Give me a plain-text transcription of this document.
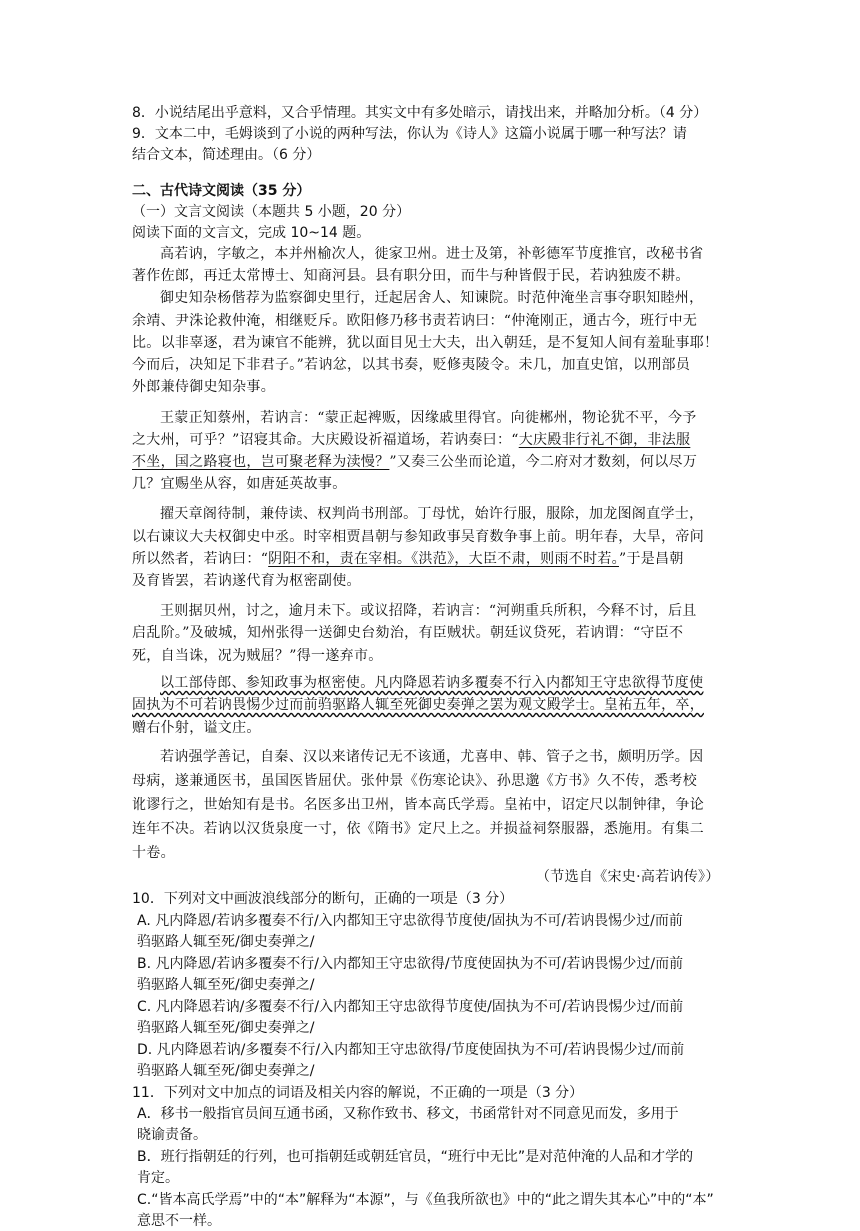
8．小说结尾出乎意料，又合乎情理。其实文中有多处暗示，请找出来，并略加分析。（4 分）
9．文本二中，毛姆谈到了小说的两种写法，你认为《诗人》这篇小说属于哪一种写法？请
结合文本，简述理由。（6 分）
二、古代诗文阅读（35 分）
（一）文言文阅读（本题共 5 小题，20 分）
阅读下面的文言文，完成 10~14 题。
高若讷，字敏之，本并州榆次人，徙家卫州。进士及第，补彰德军节度推官，改秘书省
著作佐郎，再迁太常博士、知商河县。县有职分田，而牛与种皆假于民，若讷独废不耕。
御史知杂杨偕荐为监察御史里行，迁起居舍人、知谏院。时范仲淹坐言事夺职知睦州，
余靖、尹洙论救仲淹，相继贬斥。欧阳修乃移书责若讷曰：“仲淹刚正，通古今，班行中无
比。以非辜逐，君为谏官不能辨，犹以面目见士大夫，出入朝廷，是不复知人间有羞耻事耶！
今而后，决知足下非君子。”若讷忿，以其书奏，贬修夷陵令。未几，加直史馆，以刑部员
外郎兼侍御史知杂事。
王蒙正知蔡州，若讷言：“蒙正起裨贩，因缘戚里得官。向徙郴州，物论犹不平，今予
之大州，可乎？”诏寝其命。大庆殿设祈福道场，若讷奏曰：“大庆殿非行礼不御，非法服
不坐，国之路寝也，岂可聚老释为渎慢？”又奏三公坐而论道，今二府对才数刻，何以尽万
几？宜赐坐从容，如唐延英故事。
擢天章阁待制，兼侍读、权判尚书刑部。丁母忧，始许行服，服除，加龙图阁直学士，
以右谏议大夫权御史中丞。时宰相贾昌朝与参知政事吴育数争事上前。明年春，大旱，帝问
所以然者，若讷曰：“阴阳不和，责在宰相。《洪范》，大臣不肃，则雨不时若。”于是昌朝
及育皆罢，若讷遂代育为枢密副使。
王则据贝州，讨之，逾月未下。或议招降，若讷言：“河朔重兵所积，今释不讨，后且
启乱阶。”及破城，知州张得一送御史台劾治，有臣贼状。朝廷议贷死，若讷谓：“守臣不
死，自当诛，况为贼屈？”得一遂弃市。
以工部侍郎、参知政事为枢密使。凡内降恩若讷多覆奏不行入内都知王守忠欲得节度使
固执为不可若讷畏惕少过而前驺驱路人辄至死御史奏弹之罢为观文殿学士。皇祐五年，卒，
赠右仆射，谥文庄。
若讷强学善记，自秦、汉以来诸传记无不该通，尤喜申、韩、管子之书，颇明历学。因
母病，遂兼通医书，虽国医皆屈伏。张仲景《伤寒论诀》、孙思邈《方书》久不传，悉考校
讹谬行之，世始知有是书。名医多出卫州，皆本高氏学焉。皇祐中，诏定尺以制钟律，争论
连年不决。若讷以汉货泉度一寸，依《隋书》定尺上之。并损益祠祭服器，悉施用。有集二
十卷。
（节选自《宋史·高若讷传》）
10．下列对文中画波浪线部分的断句，正确的一项是（3 分）
A. 凡内降恩/若讷多覆奏不行/入内都知王守忠欲得节度使/固执为不可/若讷畏惕少过/而前
驺驱路人辄至死/御史奏弹之/
B. 凡内降恩/若讷多覆奏不行/入内都知王守忠欲得/节度使固执为不可/若讷畏惕少过/而前
驺驱路人辄至死/御史奏弹之/
C. 凡内降恩若讷/多覆奏不行/入内都知王守忠欲得节度使/固执为不可/若讷畏惕少过/而前
驺驱路人辄至死/御史奏弹之/
D. 凡内降恩若讷/多覆奏不行/入内都知王守忠欲得/节度使固执为不可/若讷畏惕少过/而前
驺驱路人辄至死/御史奏弹之/
11．下列对文中加点的词语及相关内容的解说，不正确的一项是（3 分）
A．移书一般指官员间互通书函，又称作致书、移文，书函常针对不同意见而发，多用于
晓谕责备。
B．班行指朝廷的行列，也可指朝廷或朝廷官员，“班行中无比”是对范仲淹的人品和才学的
肯定。
C.“皆本高氏学焉”中的“本”解释为“本源”，与《鱼我所欲也》中的“此之谓失其本心”中的“本”
意思不一样。
